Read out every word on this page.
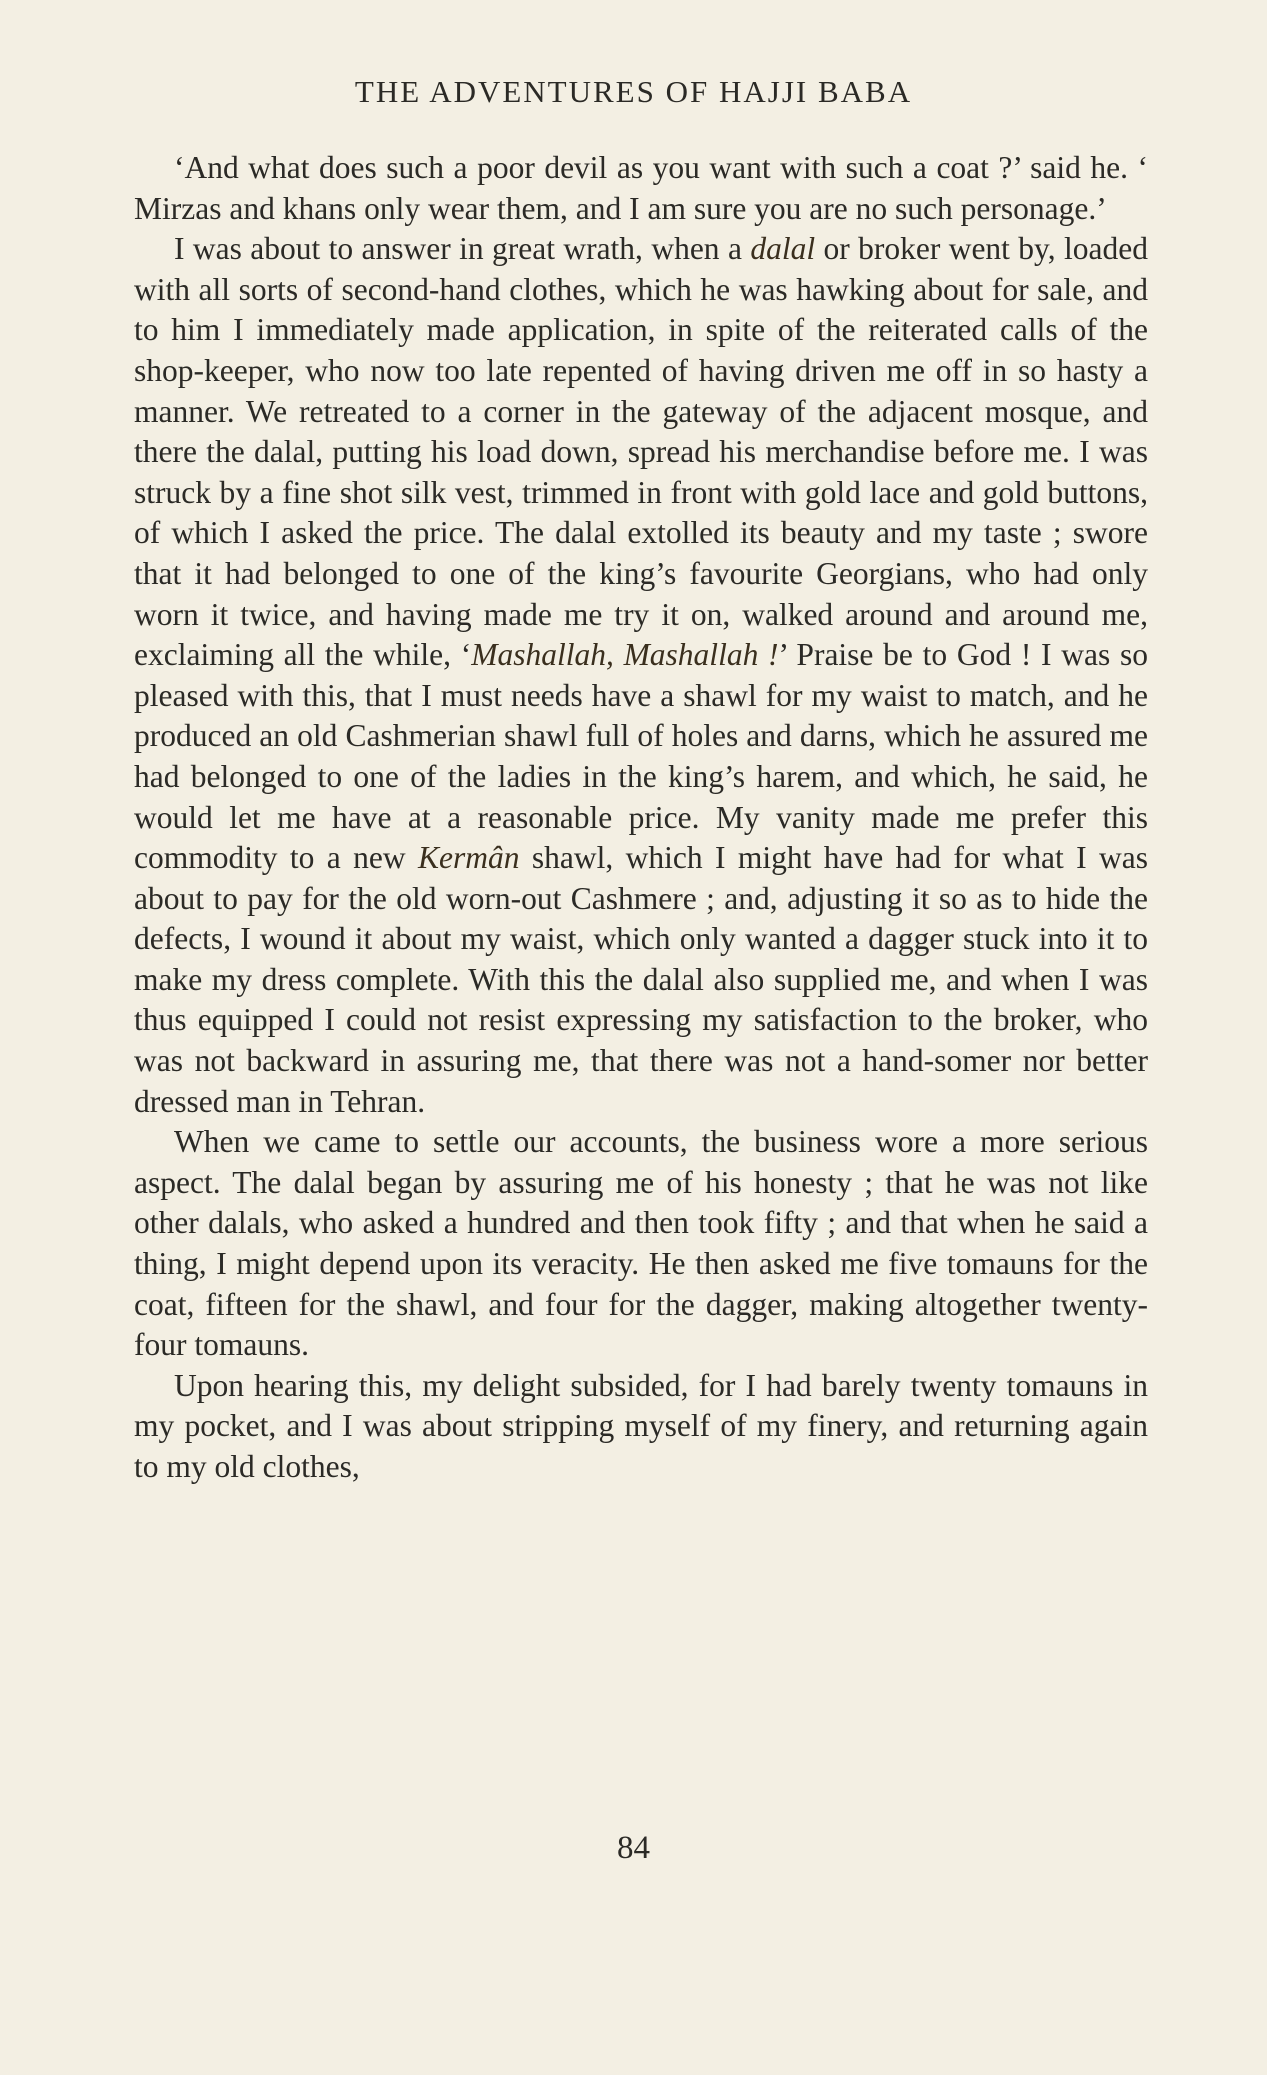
THE ADVENTURES OF HAJJI BABA

‘And what does such a poor devil as you want with such a coat ?’ said he. ‘ Mirzas and khans only wear them, and I am sure you are no such personage.’

I was about to answer in great wrath, when a dalal or broker went by, loaded with all sorts of second-hand clothes, which he was hawking about for sale, and to him I immediately made application, in spite of the reiterated calls of the shop-keeper, who now too late repented of having driven me off in so hasty a manner. We retreated to a corner in the gateway of the adjacent mosque, and there the dalal, putting his load down, spread his merchandise before me. I was struck by a fine shot silk vest, trimmed in front with gold lace and gold buttons, of which I asked the price. The dalal extolled its beauty and my taste ; swore that it had belonged to one of the king’s favourite Georgians, who had only worn it twice, and having made me try it on, walked around and around me, exclaiming all the while, ‘Mashallah, Mashallah !’ Praise be to God ! I was so pleased with this, that I must needs have a shawl for my waist to match, and he produced an old Cashmerian shawl full of holes and darns, which he assured me had belonged to one of the ladies in the king’s harem, and which, he said, he would let me have at a reasonable price. My vanity made me prefer this commodity to a new Kermân shawl, which I might have had for what I was about to pay for the old worn-out Cashmere ; and, adjusting it so as to hide the defects, I wound it about my waist, which only wanted a dagger stuck into it to make my dress complete. With this the dalal also supplied me, and when I was thus equipped I could not resist expressing my satisfaction to the broker, who was not backward in assuring me, that there was not a hand-somer nor better dressed man in Tehran.

When we came to settle our accounts, the business wore a more serious aspect. The dalal began by assuring me of his honesty ; that he was not like other dalals, who asked a hundred and then took fifty ; and that when he said a thing, I might depend upon its veracity. He then asked me five tomauns for the coat, fifteen for the shawl, and four for the dagger, making altogether twenty-four tomauns.

Upon hearing this, my delight subsided, for I had barely twenty tomauns in my pocket, and I was about stripping myself of my finery, and returning again to my old clothes,

84
